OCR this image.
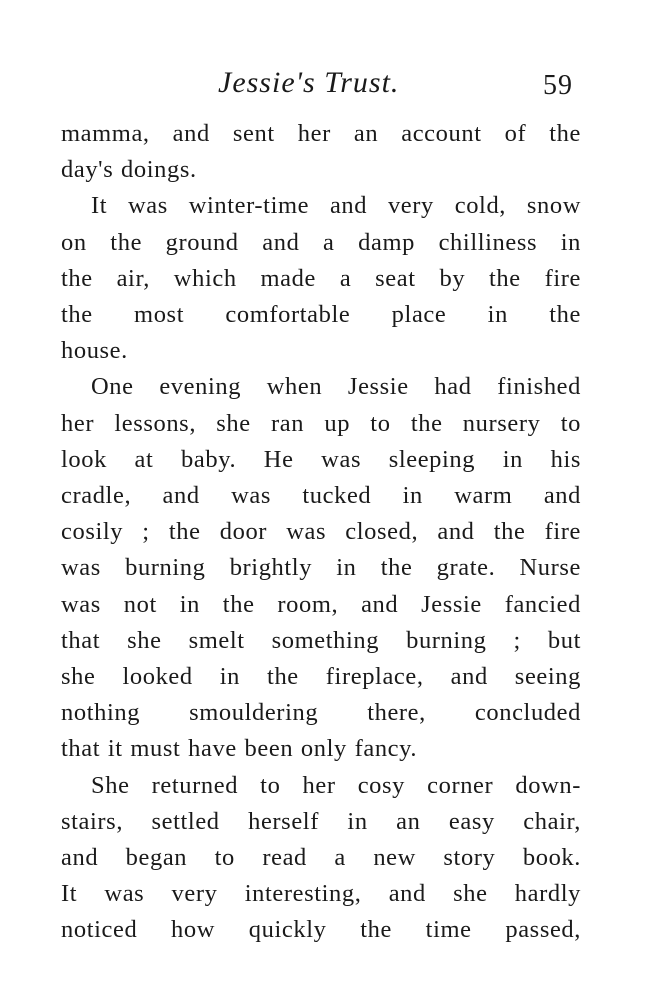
Jessie's Trust.	59

mamma, and sent her an account of the
day's doings.

It was winter-time and very cold, snow
on the ground and a damp chilliness in
the air, which made a seat by the fire
the most comfortable place in the
house.

One evening when Jessie had finished
her lessons, she ran up to the nursery to
look at baby. He was sleeping in his
cradle, and was tucked in warm and
cosily ; the door was closed, and the fire
was burning brightly in the grate. Nurse
was not in the room, and Jessie fancied
that she smelt something burning ; but
she looked in the fireplace, and seeing
nothing smouldering there, concluded
that it must have been only fancy.

She returned to her cosy corner down-
stairs, settled herself in an easy chair,
and began to read a new story book.
It was very interesting, and she hardly
noticed how quickly the time passed,
